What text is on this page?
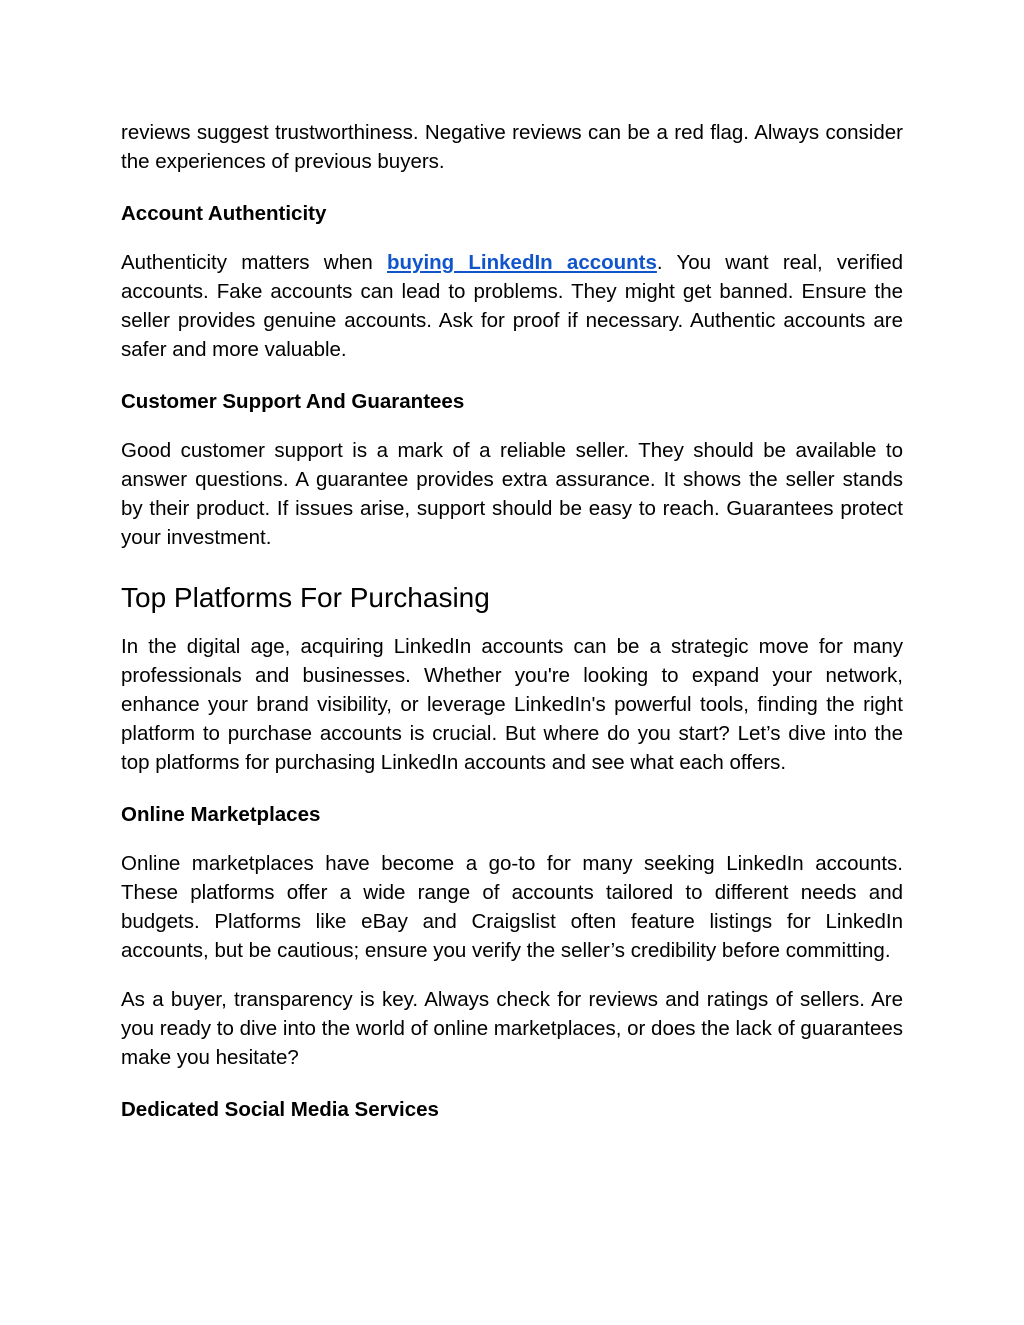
reviews suggest trustworthiness. Negative reviews can be a red flag. Always consider the experiences of previous buyers.

Account Authenticity

Authenticity matters when buying LinkedIn accounts. You want real, verified accounts. Fake accounts can lead to problems. They might get banned. Ensure the seller provides genuine accounts. Ask for proof if necessary. Authentic accounts are safer and more valuable.

Customer Support And Guarantees

Good customer support is a mark of a reliable seller. They should be available to answer questions. A guarantee provides extra assurance. It shows the seller stands by their product. If issues arise, support should be easy to reach. Guarantees protect your investment.

Top Platforms For Purchasing

In the digital age, acquiring LinkedIn accounts can be a strategic move for many professionals and businesses. Whether you're looking to expand your network, enhance your brand visibility, or leverage LinkedIn's powerful tools, finding the right platform to purchase accounts is crucial. But where do you start? Let’s dive into the top platforms for purchasing LinkedIn accounts and see what each offers.

Online Marketplaces

Online marketplaces have become a go-to for many seeking LinkedIn accounts. These platforms offer a wide range of accounts tailored to different needs and budgets. Platforms like eBay and Craigslist often feature listings for LinkedIn accounts, but be cautious; ensure you verify the seller’s credibility before committing.

As a buyer, transparency is key. Always check for reviews and ratings of sellers. Are you ready to dive into the world of online marketplaces, or does the lack of guarantees make you hesitate?

Dedicated Social Media Services
